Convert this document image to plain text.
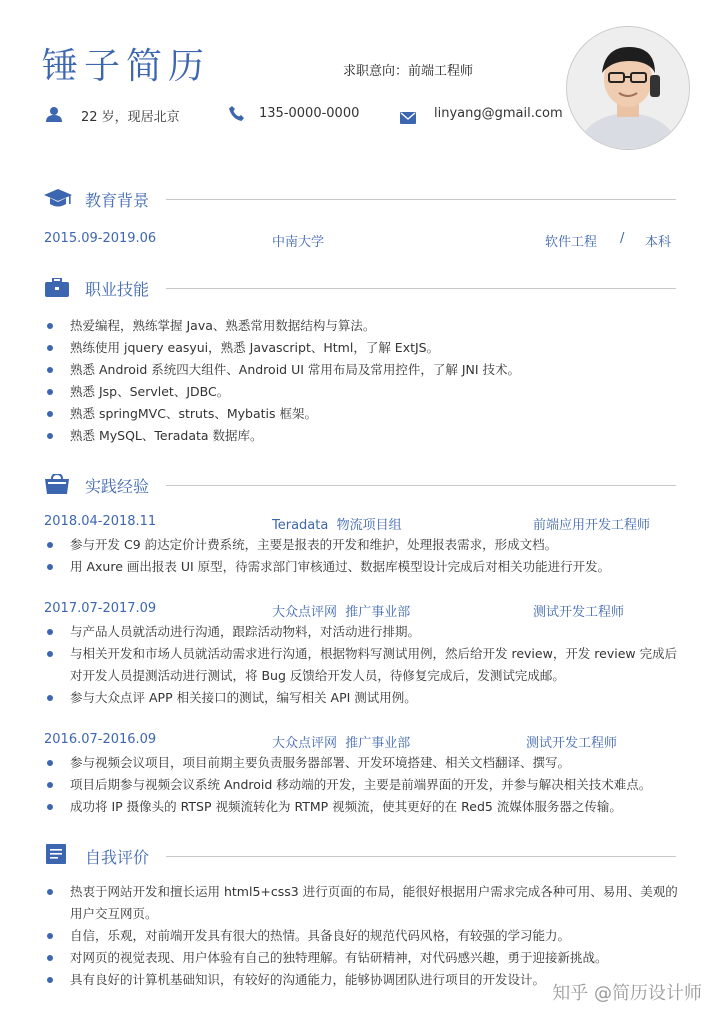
锤子简历	求职意向：前端工程师
22 岁，现居北京	135-0000-0000	linyang@gmail.com
教育背景
2015.09-2019.06	中南大学	软件工程 / 本科
职业技能
热爱编程，熟练掌握 Java、熟悉常用数据结构与算法。
熟练使用 jquery easyui，熟悉 Javascript、Html，了解 ExtJS。
熟悉 Android 系统四大组件、Android UI 常用布局及常用控件，了解 JNI 技术。
熟悉 Jsp、Servlet、JDBC。
熟悉 springMVC、struts、Mybatis 框架。
熟悉 MySQL、Teradata 数据库。
实践经验
2018.04-2018.11	Teradata  物流项目组	前端应用开发工程师
参与开发 C9 韵达定价计费系统，主要是报表的开发和维护，处理报表需求，形成文档。
用 Axure 画出报表 UI 原型，待需求部门审核通过、数据库模型设计完成后对相关功能进行开发。
2017.07-2017.09	大众点评网  推广事业部	测试开发工程师
与产品人员就活动进行沟通，跟踪活动物料，对活动进行排期。
与相关开发和市场人员就活动需求进行沟通，根据物料写测试用例，然后给开发 review，开发 review 完成后对开发人员提测活动进行测试，将 Bug 反馈给开发人员，待修复完成后，发测试完成邮。
参与大众点评 APP 相关接口的测试，编写相关 API 测试用例。
2016.07-2016.09	大众点评网  推广事业部	测试开发工程师
参与视频会议项目，项目前期主要负责服务器部署、开发环境搭建、相关文档翻译、撰写。
项目后期参与视频会议系统 Android 移动端的开发，主要是前端界面的开发，并参与解决相关技术难点。
成功将 IP 摄像头的 RTSP 视频流转化为 RTMP 视频流，使其更好的在 Red5 流媒体服务器之传输。
自我评价
热衷于网站开发和擅长运用 html5+css3 进行页面的布局，能很好根据用户需求完成各种可用、易用、美观的用户交互网页。
自信，乐观，对前端开发具有很大的热情。具备良好的规范代码风格，有较强的学习能力。
对网页的视觉表现、用户体验有自己的独特理解。有钻研精神，对代码感兴趣，勇于迎接新挑战。
具有良好的计算机基础知识，有较好的沟通能力，能够协调团队进行项目的开发设计。
知乎 @简历设计师
